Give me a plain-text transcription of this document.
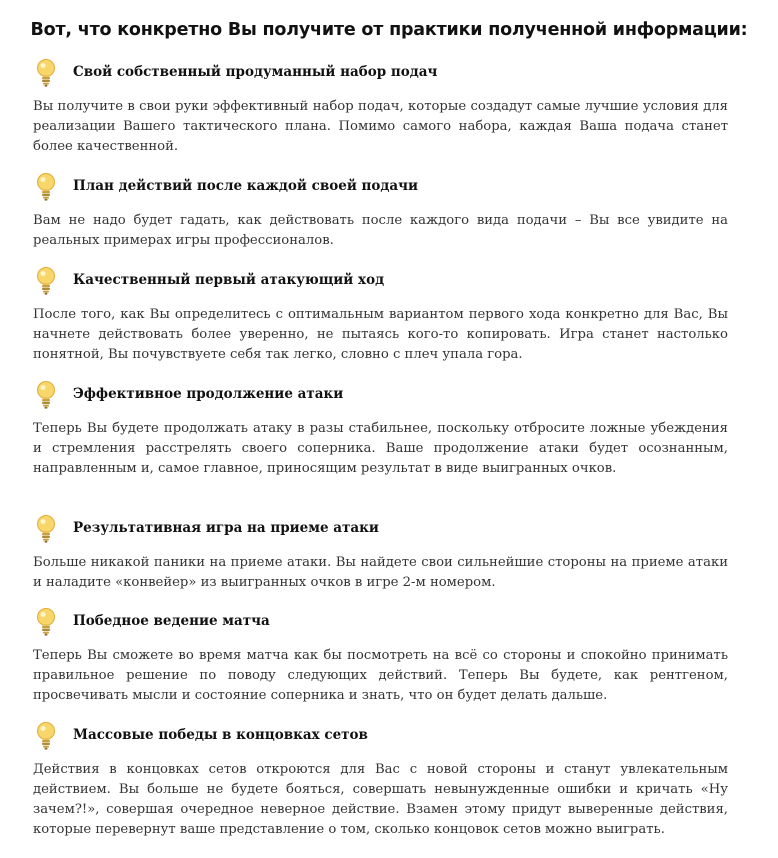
Вот, что конкретно Вы получите от практики полученной информации:
Свой собственный продуманный набор подач
Вы получите в свои руки эффективный набор подач, которые создадут самые лучшие условия для реализации Вашего тактического плана. Помимо самого набора, каждая Ваша подача станет более качественной.
План действий после каждой своей подачи
Вам не надо будет гадать, как действовать после каждого вида подачи – Вы все увидите на реальных примерах игры профессионалов.
Качественный первый атакующий ход
После того, как Вы определитесь с оптимальным вариантом первого хода конкретно для Вас, Вы начнете действовать более уверенно, не пытаясь кого-то копировать. Игра станет настолько понятной, Вы почувствуете себя так легко, словно с плеч упала гора.
Эффективное продолжение атаки
Теперь Вы будете продолжать атаку в разы стабильнее, поскольку отбросите ложные убеждения и стремления расстрелять своего соперника. Ваше продолжение атаки будет осознанным, направленным и, самое главное, приносящим результат в виде выигранных очков.
Результативная игра на приеме атаки
Больше никакой паники на приеме атаки. Вы найдете свои сильнейшие стороны на приеме атаки и наладите «конвейер» из выигранных очков в игре 2-м номером.
Победное ведение матча
Теперь Вы сможете во время матча как бы посмотреть на всё со стороны и спокойно принимать правильное решение по поводу следующих действий. Теперь Вы будете, как рентгеном, просвечивать мысли и состояние соперника и знать, что он будет делать дальше.
Массовые победы в концовках сетов
Действия в концовках сетов откроются для Вас с новой стороны и станут увлекательным действием. Вы больше не будете бояться, совершать невынужденные ошибки и кричать «Ну зачем?!», совершая очередное неверное действие. Взамен этому придут выверенные действия, которые перевернут ваше представление о том, сколько концовок сетов можно выиграть.
